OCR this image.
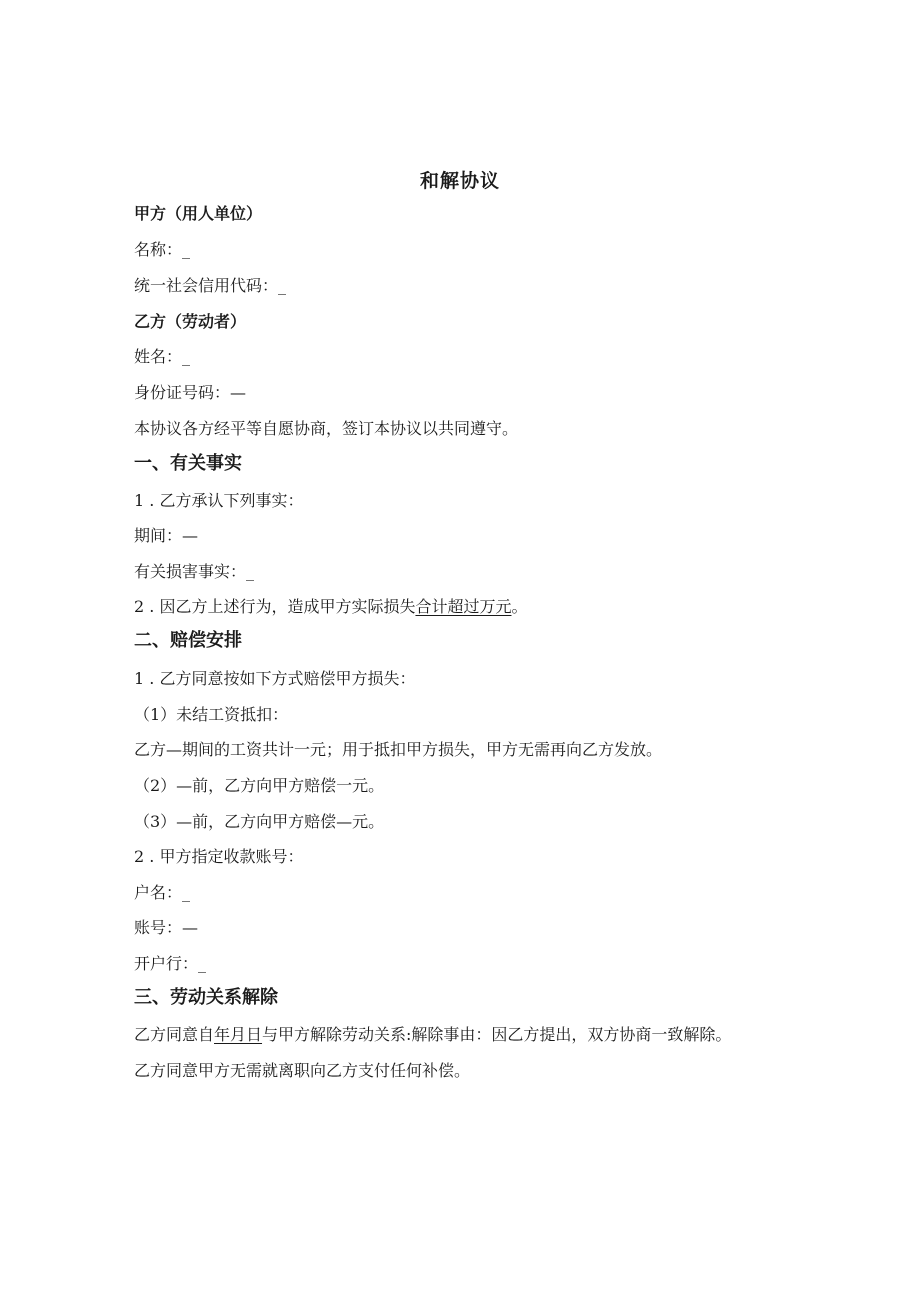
和解协议
甲方（用人单位）
名称：_
统一社会信用代码：_
乙方（劳动者）
姓名：_
身份证号码：—
本协议各方经平等自愿协商，签订本协议以共同遵守。
一、有关事实
1 . 乙方承认下列事实：
期间：—
有关损害事实：_
2 . 因乙方上述行为，造成甲方实际损失合计超过万元。
二、赔偿安排
1 . 乙方同意按如下方式赔偿甲方损失：
（1）未结工资抵扣：
乙方—期间的工资共计一元；用于抵扣甲方损失，甲方无需再向乙方发放。
（2）—前，乙方向甲方赔偿一元。
（3）—前，乙方向甲方赔偿—元。
2 . 甲方指定收款账号：
户名：_
账号：—
开户行：_
三、劳动关系解除
乙方同意自年月日与甲方解除劳动关系:解除事由：因乙方提出，双方协商一致解除。
乙方同意甲方无需就离职向乙方支付任何补偿。
